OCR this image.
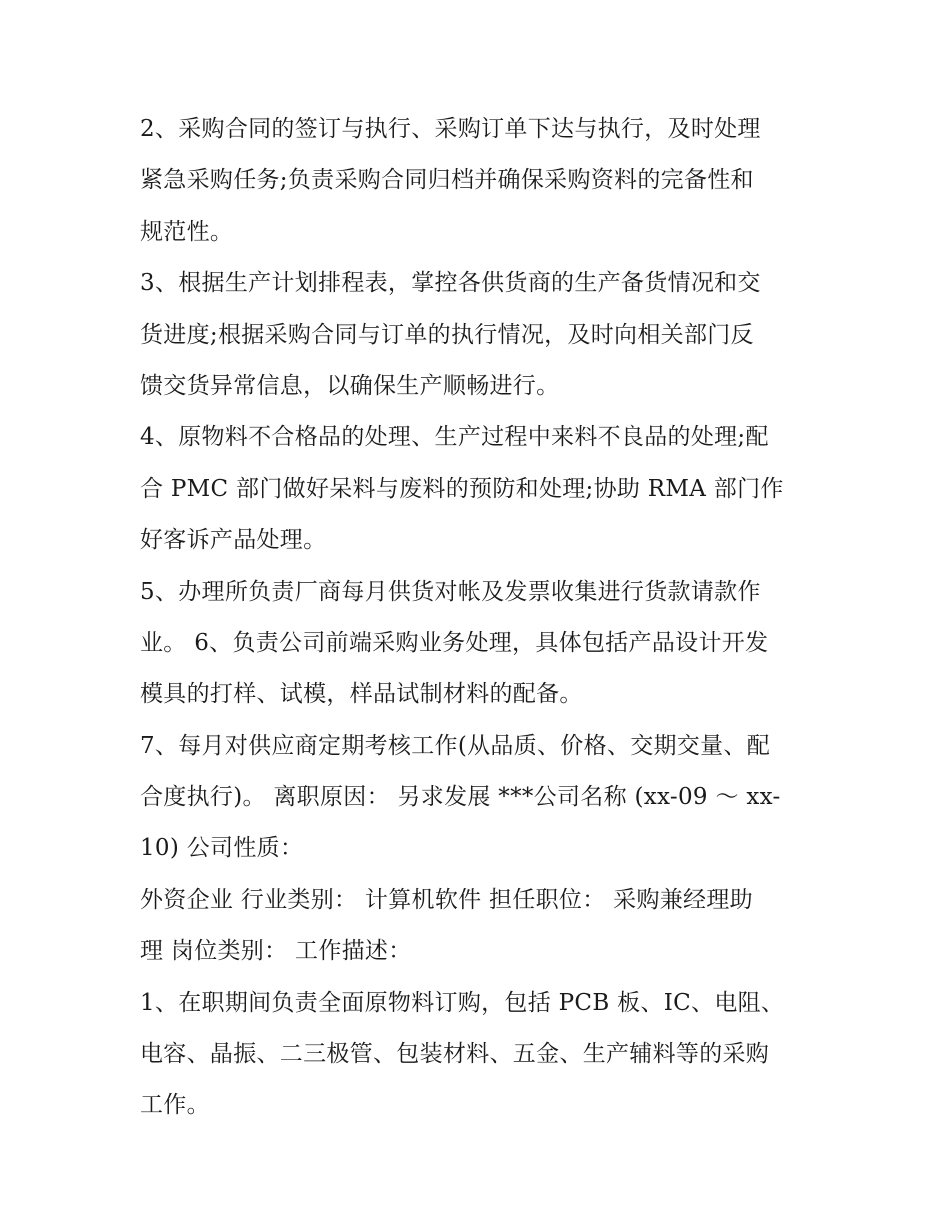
2、采购合同的签订与执行、采购订单下达与执行，及时处理
紧急采购任务;负责采购合同归档并确保采购资料的完备性和
规范性。
3、根据生产计划排程表，掌控各供货商的生产备货情况和交
货进度;根据采购合同与订单的执行情况，及时向相关部门反
馈交货异常信息，以确保生产顺畅进行。
4、原物料不合格品的处理、生产过程中来料不良品的处理;配
合 PMC 部门做好呆料与废料的预防和处理;协助 RMA 部门作
好客诉产品处理。
5、办理所负责厂商每月供货对帐及发票收集进行货款请款作
业。 6、负责公司前端采购业务处理，具体包括产品设计开发
模具的打样、试模，样品试制材料的配备。
7、每月对供应商定期考核工作(从品质、价格、交期交量、配
合度执行)。 离职原因： 另求发展 ***公司名称 (xx-09 ～ xx-
10) 公司性质：
外资企业 行业类别： 计算机软件 担任职位： 采购兼经理助
理 岗位类别： 工作描述：
1、在职期间负责全面原物料订购，包括 PCB 板、IC、电阻、
电容、晶振、二三极管、包装材料、五金、生产辅料等的采购
工作。
